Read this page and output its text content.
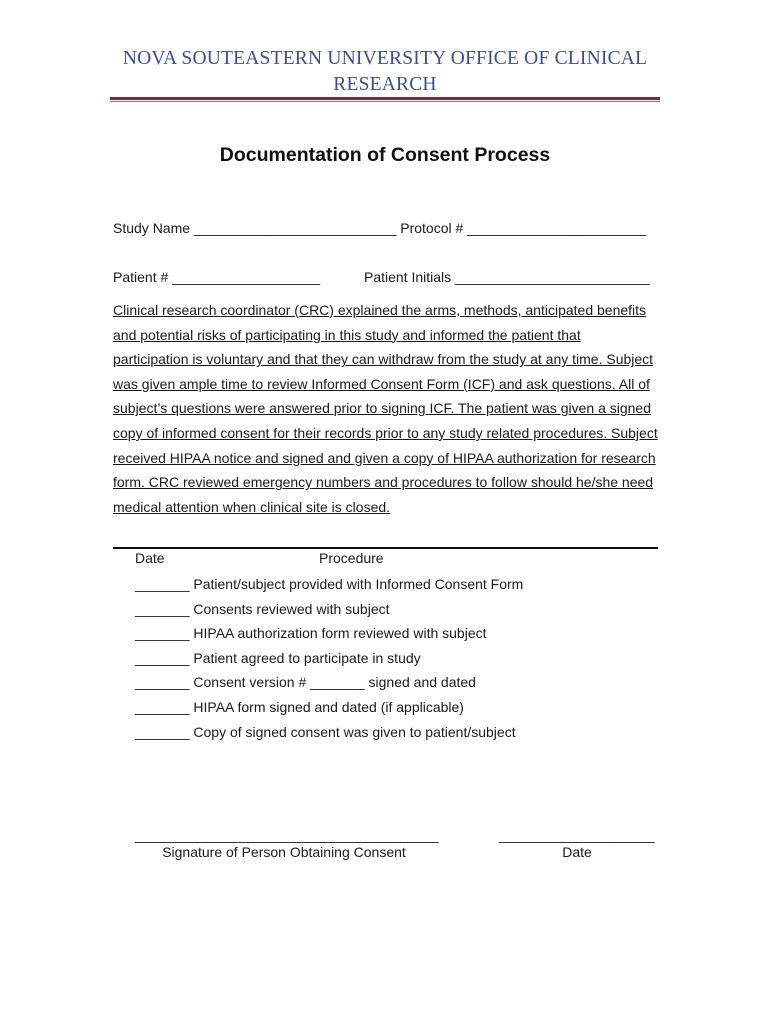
NOVA SOUTEASTERN UNIVERSITY OFFICE OF CLINICAL
RESEARCH
Documentation of Consent Process
Study Name __________________________ Protocol # _______________________
Patient # ___________________	Patient Initials _________________________
Clinical research coordinator (CRC) explained the arms, methods, anticipated benefits and potential risks of participating in this study and informed the patient that participation is voluntary and that they can withdraw from the study at any time. Subject was given ample time to review Informed Consent Form (ICF) and ask questions. All of subject’s questions were answered prior to signing ICF. The patient was given a signed copy of informed consent for their records prior to any study related procedures. Subject received HIPAA notice and signed and given a copy of HIPAA authorization for research form. CRC reviewed emergency numbers and procedures to follow should he/she need medical attention when clinical site is closed.
Date	Procedure
_______ Patient/subject provided with Informed Consent Form
_______ Consents reviewed with subject
_______ HIPAA authorization form reviewed with subject
_______ Patient agreed to participate in study
_______ Consent version # _______ signed and dated
_______ HIPAA form signed and dated (if applicable)
_______ Copy of signed consent was given to patient/subject
_______________________________________
Signature of Person Obtaining Consent
____________________
Date
